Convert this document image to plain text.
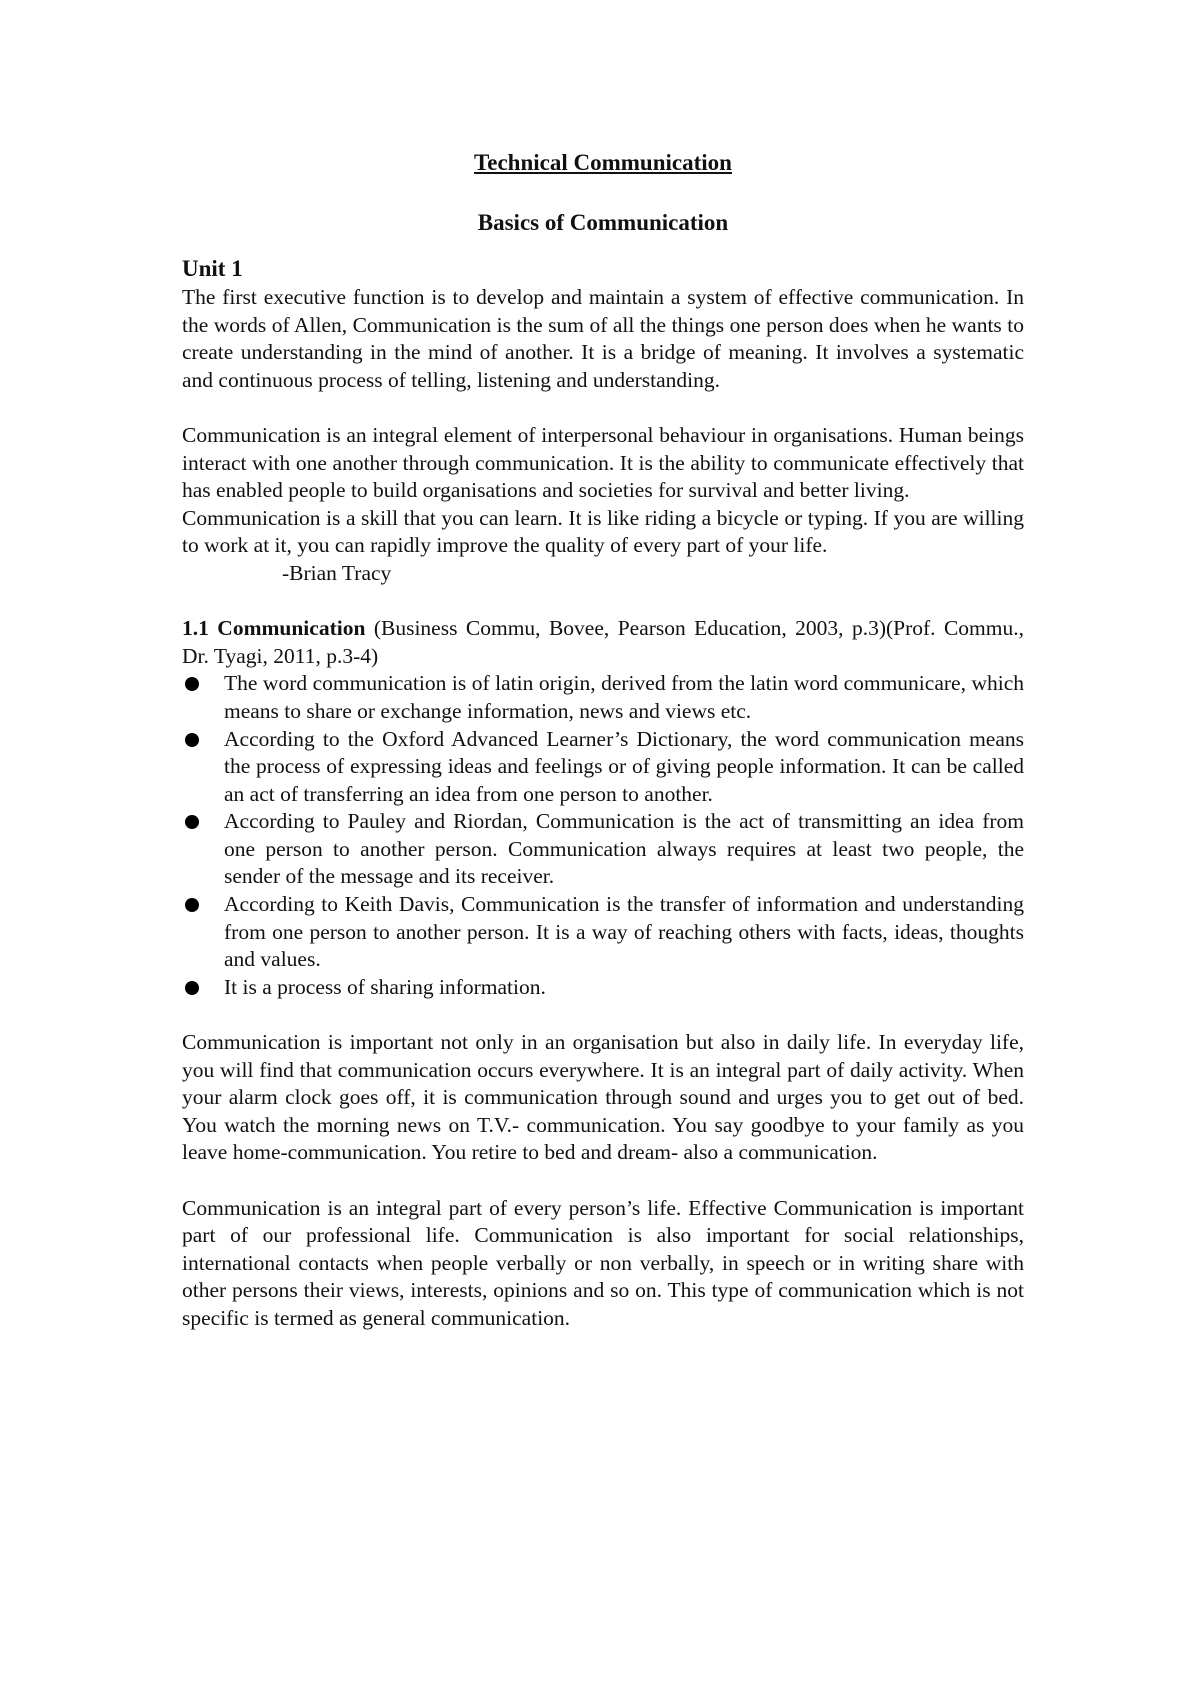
Technical Communication
Basics of Communication
Unit 1

The first executive function is to develop and maintain a system of effective communication. In the words of Allen, Communication is the sum of all the things one person does when he wants to create understanding in the mind of another. It is a bridge of meaning. It involves a systematic and continuous process of telling, listening and understanding.

Communication is an integral element of interpersonal behaviour in organisations. Human beings interact with one another through communication. It is the ability to communicate effectively that has enabled people to build organisations and societies for survival and better living.

Communication is a skill that you can learn. It is like riding a bicycle or typing. If you are willing to work at it, you can rapidly improve the quality of every part of your life.

-Brian Tracy

1.1 Communication (Business Commu, Bovee, Pearson Education, 2003, p.3)(Prof. Commu., Dr. Tyagi, 2011, p.3-4)

The word communication is of latin origin, derived from the latin word communicare, which means to share or exchange information, news and views etc.
According to the Oxford Advanced Learner’s Dictionary, the word communication means the process of expressing ideas and feelings or of giving people information. It can be called an act of transferring an idea from one person to another.
According to Pauley and Riordan, Communication is the act of transmitting an idea from one person to another person. Communication always requires at least two people, the sender of the message and its receiver.
According to Keith Davis, Communication is the transfer of information and understanding from one person to another person. It is a way of reaching others with facts, ideas, thoughts and values.
It is a process of sharing information.

Communication is important not only in an organisation but also in daily life. In everyday life, you will find that communication occurs everywhere. It is an integral part of daily activity. When your alarm clock goes off, it is communication through sound and urges you to get out of bed. You watch the morning news on T.V.- communication. You say goodbye to your family as you leave home-communication. You retire to bed and dream- also a communication.

Communication is an integral part of every person’s life. Effective Communication is important part of our professional life. Communication is also important for social relationships, international contacts when people verbally or non verbally, in speech or in writing share with other persons their views, interests, opinions and so on. This type of communication which is not specific is termed as general communication.
